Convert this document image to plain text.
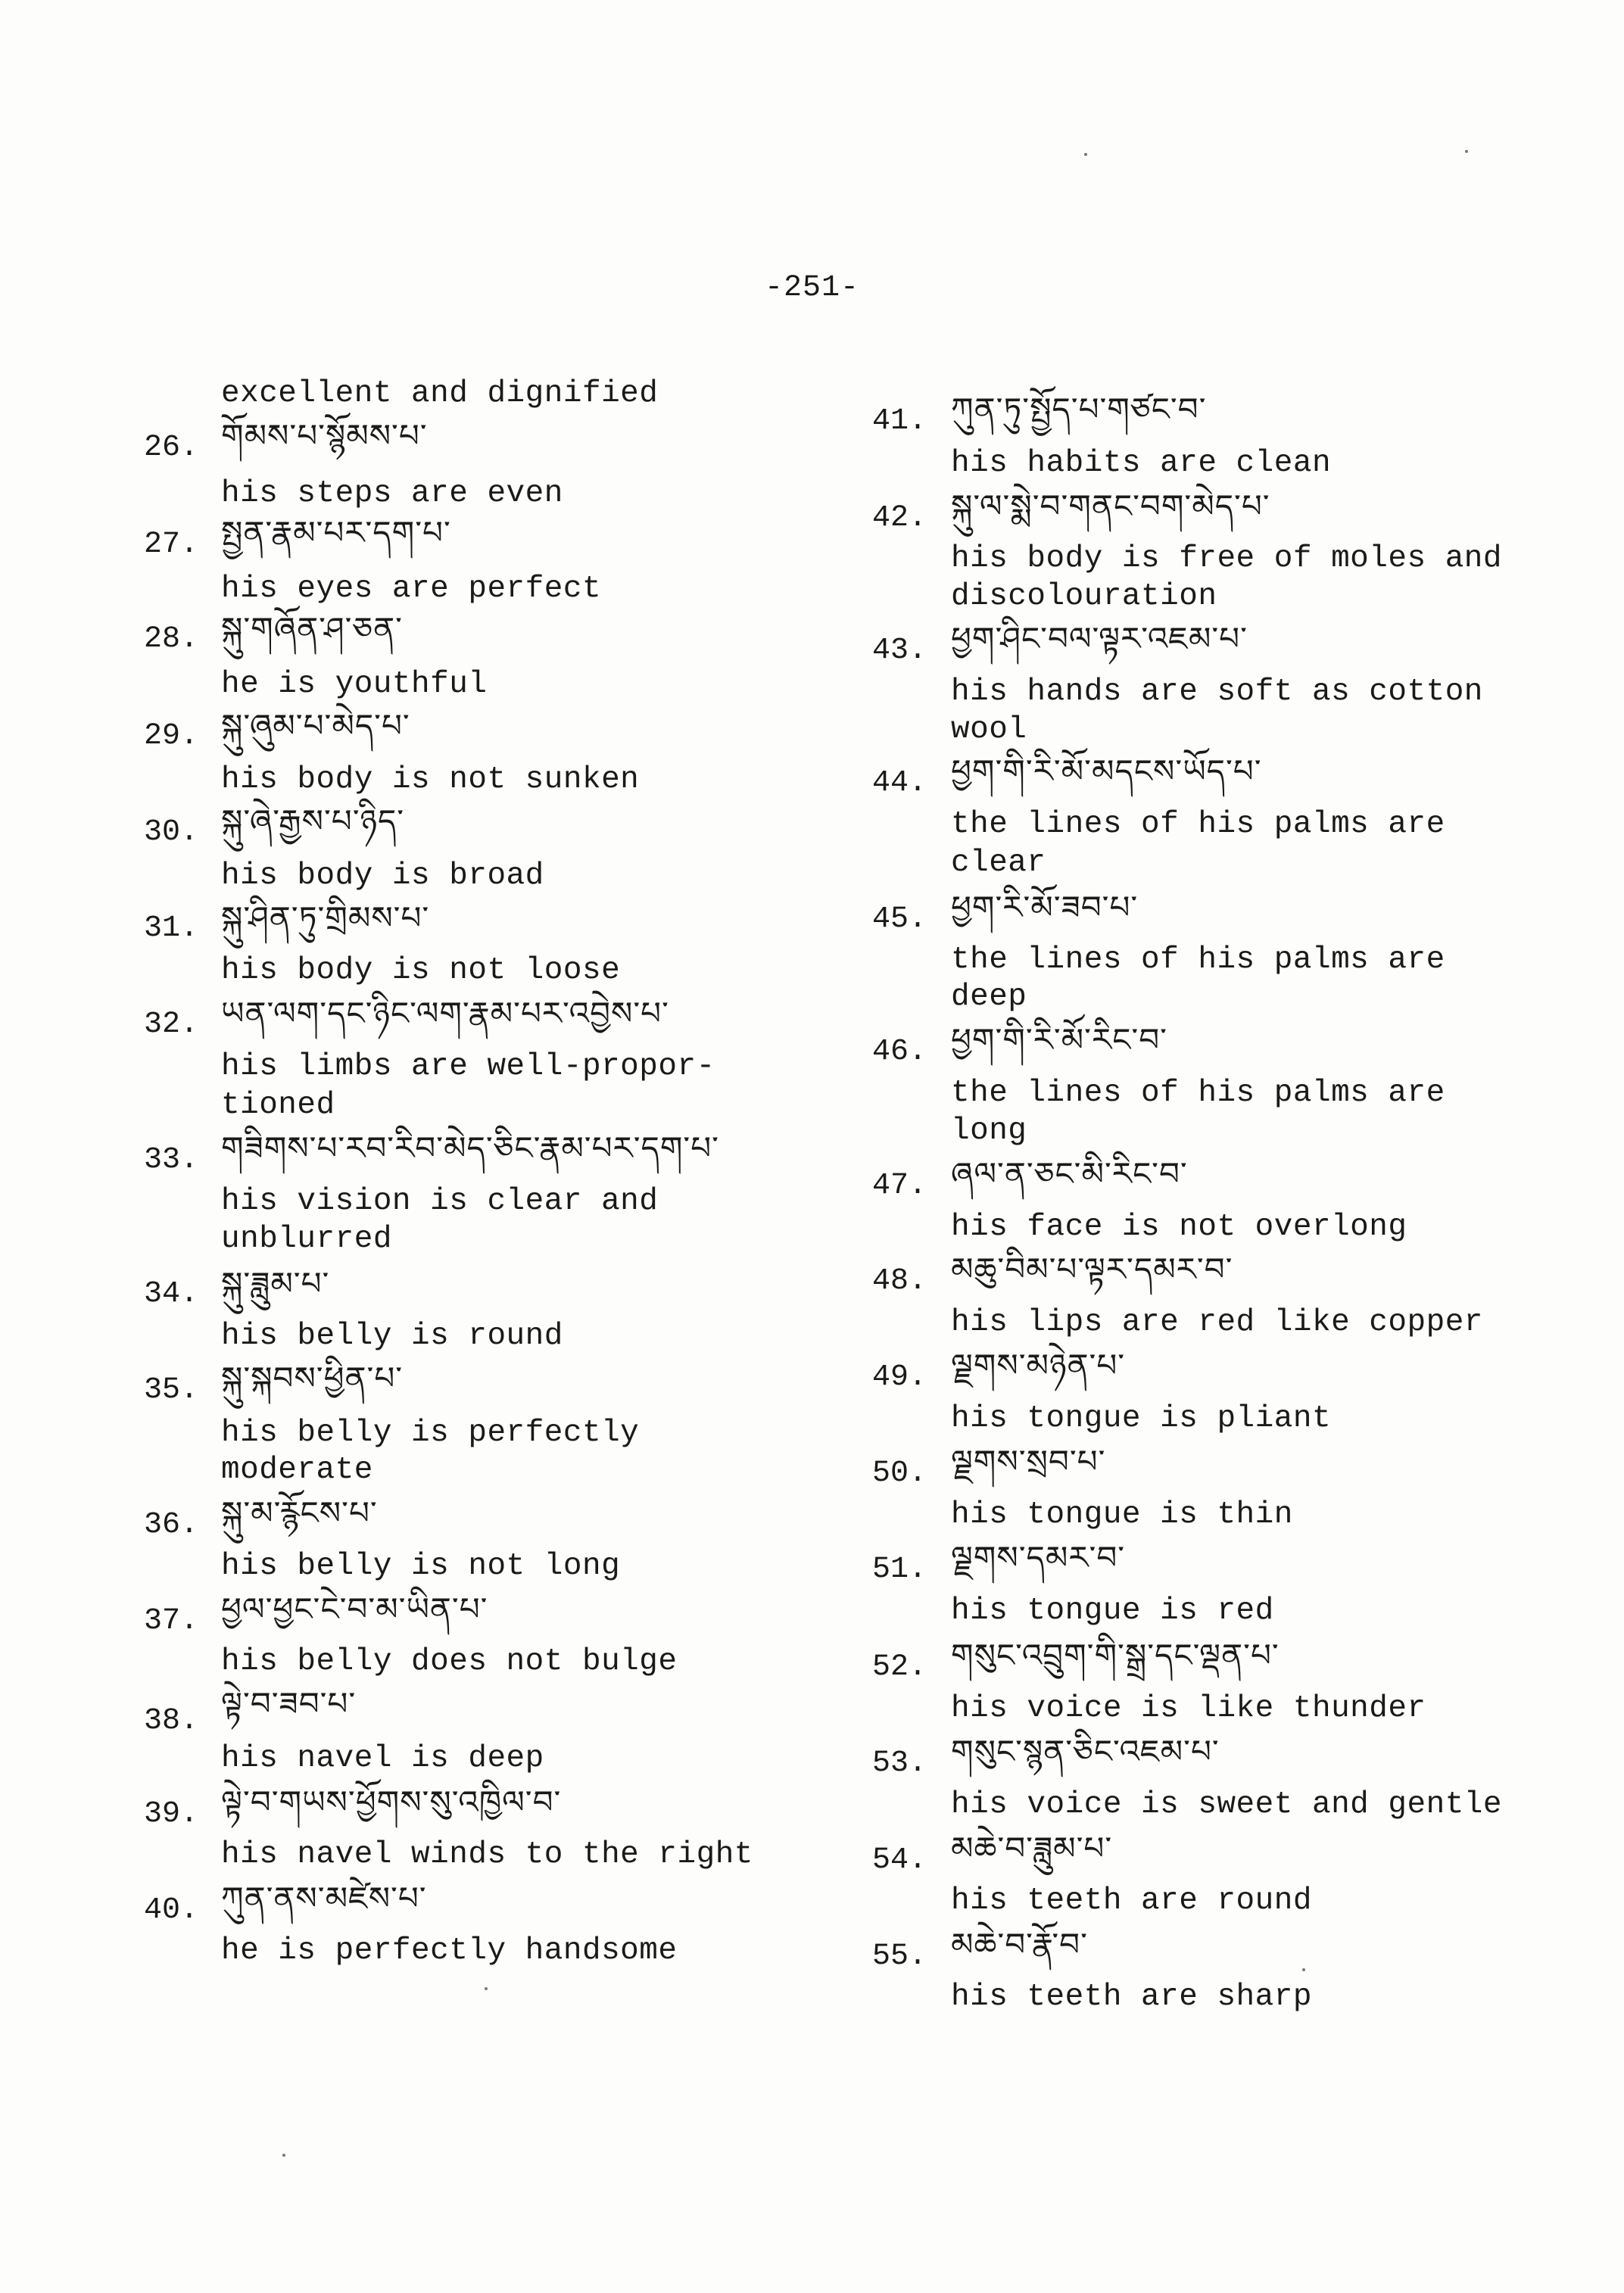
-251-
excellent and dignified
26. གོམས་པ་སྙོམས་པ་
his steps are even
27. སྤྱན་རྣམ་པར་དག་པ་
his eyes are perfect
28. སྐུ་གཞོན་ཤ་ཅན་
he is youthful
29. སྐུ་ཞུམ་པ་མེད་པ་
his body is not sunken
30. སྐུ་ཞེ་རྒྱས་པ་ཉིད་
his body is broad
31. སྐུ་ཤིན་ཏུ་གྲིམས་པ་
his body is not loose
32. ཡན་ལག་དང་ཉིང་ལག་རྣམ་པར་འབྱེས་པ་
his limbs are well-propor-
tioned
33. གཟིགས་པ་རབ་རིབ་མེད་ཅིང་རྣམ་པར་དག་པ་
his vision is clear and
unblurred
34. སྐུ་ཟླུམ་པ་
his belly is round
35. སྐུ་སྐབས་ཕྱིན་པ་
his belly is perfectly
moderate
36. སྐུ་མ་རྙོངས་པ་
his belly is not long
37. ཕྱལ་ཕྱང་ངེ་བ་མ་ཡིན་པ་
his belly does not bulge
38. ལྟེ་བ་ཟབ་པ་
his navel is deep
39. ལྟེ་བ་གཡས་ཕྱོགས་སུ་འཁྱིལ་བ་
his navel winds to the right
40. ཀུན་ནས་མཛེས་པ་
he is perfectly handsome
41. ཀུན་ཏུ་སྤྱོད་པ་གཙང་བ་
his habits are clean
42. སྐུ་ལ་སྨེ་བ་གནང་བག་མེད་པ་
his body is free of moles and
discolouration
43. ཕྱག་ཤིང་བལ་ལྟར་འཇམ་པ་
his hands are soft as cotton
wool
44. ཕྱག་གི་རི་མོ་མདངས་ཡོད་པ་
the lines of his palms are
clear
45. ཕྱག་རི་མོ་ཟབ་པ་
the lines of his palms are
deep
46. ཕྱག་གི་རི་མོ་རིང་བ་
the lines of his palms are
long
47. ཞལ་ན་ཅང་མི་རིང་བ་
his face is not overlong
48. མཆུ་བིམ་པ་ལྟར་དམར་བ་
his lips are red like copper
49. ལྗགས་མཉེན་པ་
his tongue is pliant
50. ལྗགས་སྲབ་པ་
his tongue is thin
51. ལྗགས་དམར་བ་
his tongue is red
52. གསུང་འབྲུག་གི་སྒྲ་དང་ལྡན་པ་
his voice is like thunder
53. གསུང་སྙན་ཅིང་འཇམ་པ་
his voice is sweet and gentle
54. མཆེ་བ་ཟླུམ་པ་
his teeth are round
55. མཆེ་བ་རྣོ་བ་
his teeth are sharp
